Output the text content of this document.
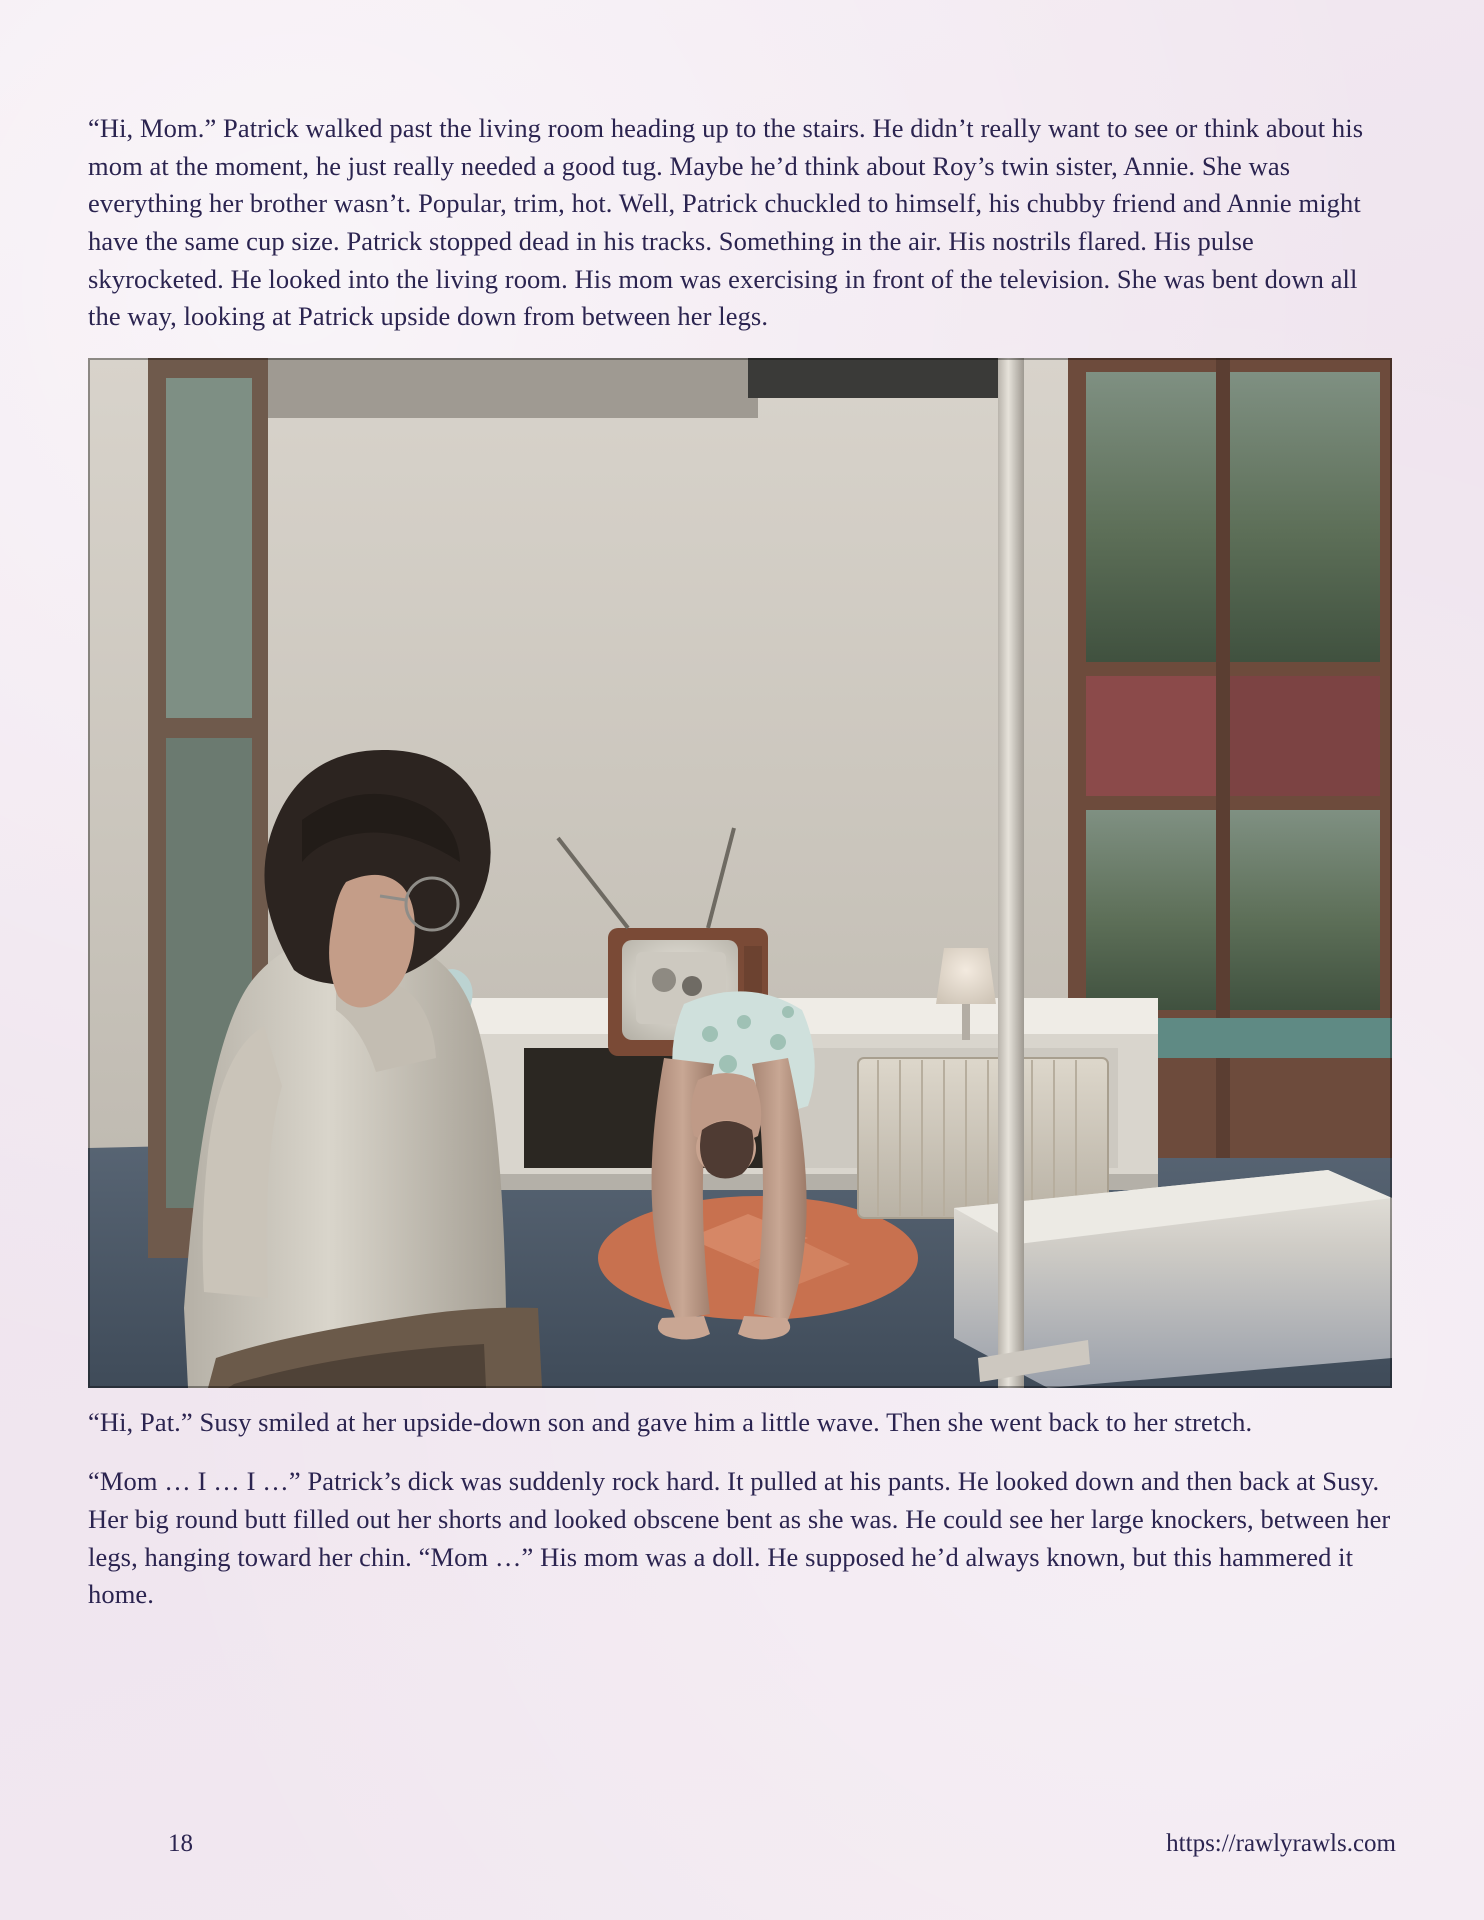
“Hi, Mom.” Patrick walked past the living room heading up to the stairs. He didn’t really want to see or think about his mom at the moment, he just really needed a good tug. Maybe he’d think about Roy’s twin sister, Annie. She was everything her brother wasn’t. Popular, trim, hot. Well, Patrick chuckled to himself, his chubby friend and Annie might have the same cup size. Patrick stopped dead in his tracks. Something in the air. His nostrils flared. His pulse skyrocketed. He looked into the living room. His mom was exercising in front of the television. She was bent down all the way, looking at Patrick upside down from between her legs.

“Hi, Pat.” Susy smiled at her upside-down son and gave him a little wave. Then she went back to her stretch.

“Mom … I … I …” Patrick’s dick was suddenly rock hard. It pulled at his pants. He looked down and then back at Susy. Her big round butt filled out her shorts and looked obscene bent as she was. He could see her large knockers, between her legs, hanging toward her chin. “Mom …” His mom was a doll. He supposed he’d always known, but this hammered it home.

18	https://rawlyrawls.com
